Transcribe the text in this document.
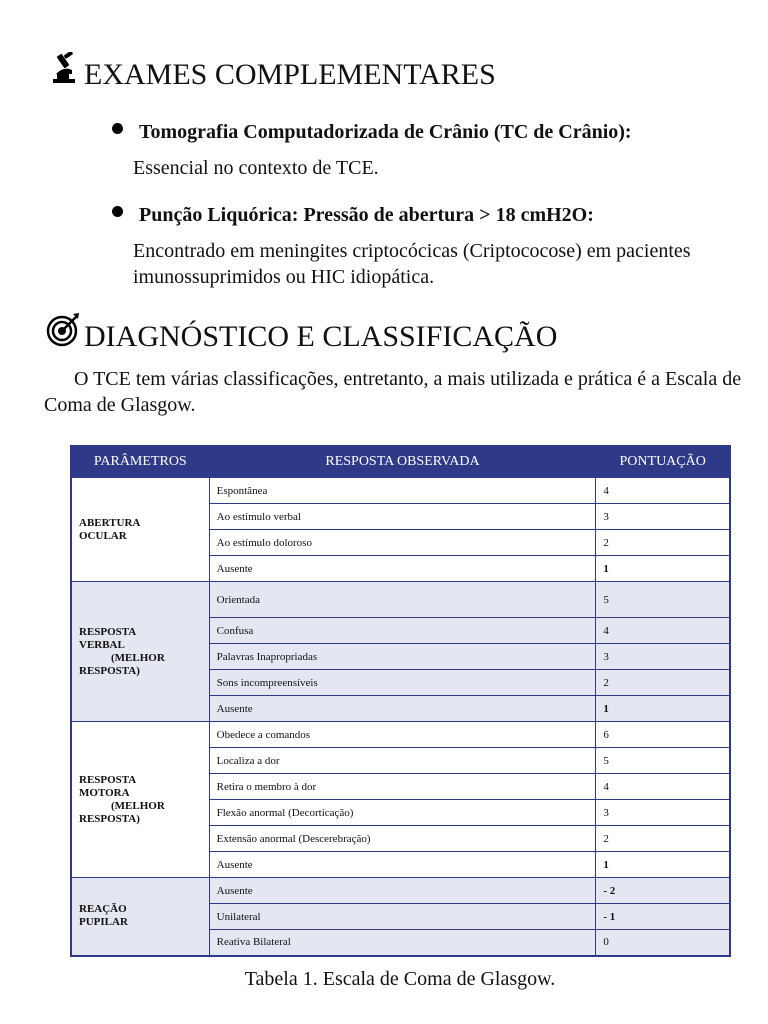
EXAMES COMPLEMENTARES
Tomografia Computadorizada de Crânio (TC de Crânio):
Essencial no contexto de TCE.
Punção Liquórica: Pressão de abertura > 18 cmH2O:
Encontrado em meningites criptocócicas (Criptococose) em pacientes imunossuprimidos ou HIC idiopática.
DIAGNÓSTICO E CLASSIFICAÇÃO

O TCE tem várias classificações, entretanto, a mais utilizada e prática é a Escala de Coma de Glasgow.

PARÂMETROS	RESPOSTA OBSERVADA	PONTUAÇÃO

ABERTURA
OCULAR	Espontânea	4
	Ao estímulo verbal	3
	Ao estímulo doloroso	2
	Ausente	1

RESPOSTA
VERBAL
(MELHOR
RESPOSTA)	Orientada	5
	Confusa	4
	Palavras Inapropriadas	3
	Sons incompreensíveis	2
	Ausente	1

RESPOSTA
MOTORA
(MELHOR
RESPOSTA)	Obedece a comandos	6
	Localiza a dor	5
	Retira o membro à dor	4
	Flexão anormal (Decorticação)	3
	Extensão anormal (Descerebração)	2
	Ausente	1

REAÇÃO
PUPILAR	Ausente	- 2
	Unilateral	- 1
	Reativa Bilateral	0

Tabela 1. Escala de Coma de Glasgow.
